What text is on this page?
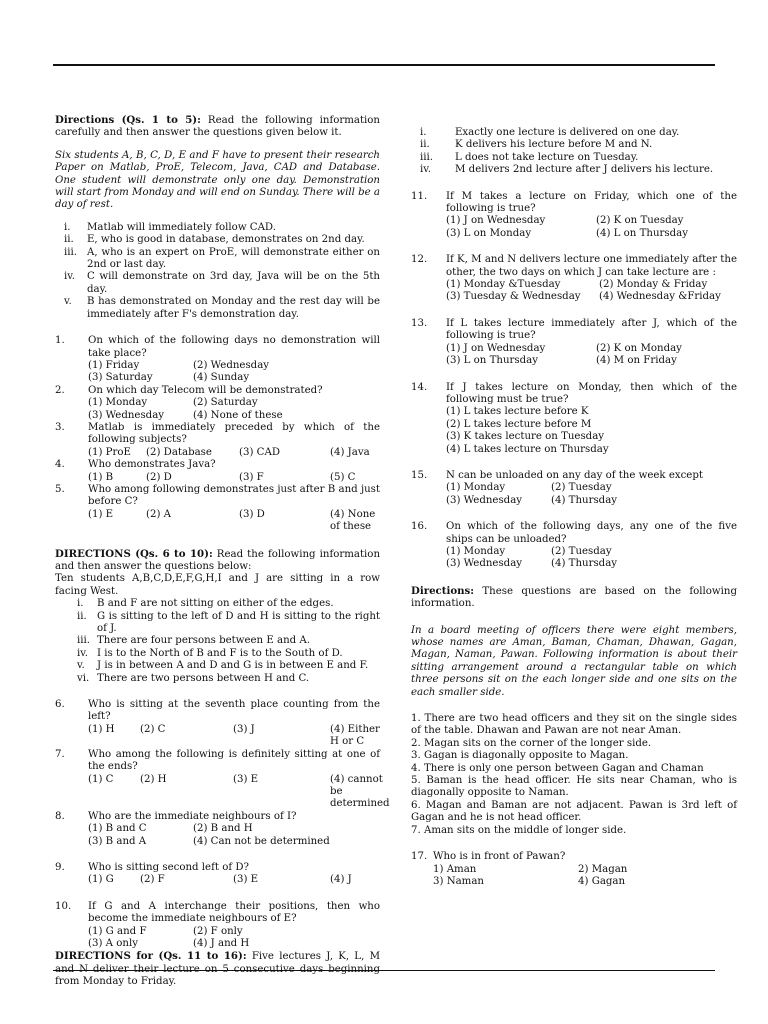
Directions (Qs. 1 to 5): Read the following information carefully and then answer the questions given below it.

Six students A, B, C, D, E and F have to present their research Paper on Matlab, ProE, Telecom, Java, CAD and Database. One student will demonstrate only one day. Demonstration will start from Monday and will end on Sunday. There will be a day of rest.

i.	Matlab will immediately follow CAD.
ii.	E, who is good in database, demonstrates on 2nd day.
iii. A, who is an expert on ProE, will demonstrate either on 2nd or last day.
iv.	C will demonstrate on 3rd day, Java will be on the 5th day.
v.	B has demonstrated on Monday and the rest day will be immediately after F's demonstration day.
1.	On which of the following days no demonstration will take place?
(1) Friday	(2) Wednesday
(3) Saturday	(4) Sunday
2.	On which day Telecom will be demonstrated?
(1) Monday	(2) Saturday
(3) Wednesday	(4) None of these
3.	Matlab is immediately preceded by which of the following subjects?
(1) ProE	(2) Database	(3) CAD	(4) Java
4.	Who demonstrates Java?
(1) B	(2) D	(3) F	(5) C
5.	Who among following demonstrates just after B and just before C?
(1) E	(2) A	(3) D	(4) None of these

DIRECTIONS (Qs. 6 to 10): Read the following information and then answer the questions below:

Ten students A,B,C,D,E,F,G,H,I and J are sitting in a row facing West.

i.	B and F are not sitting on either of the edges.
ii.	G is sitting to the left of D and H is sitting to the right of J.
iii. There are four persons between E and A.
iv. I is to the North of B and F is to the South of D.
v.	J is in between A and D and G is in between E and F.
vi. There are two persons between H and C.
6.	Who is sitting at the seventh place counting from the left?
(1) H	(2) C	(3) J	(4) Either H or C
7.	Who among the following is definitely sitting at one of the ends?
(1) C	(2) H	(3) E	(4) cannot be determined
8.	Who are the immediate neighbours of I?
(1) B and C	(2) B and H
(3) B and A	(4) Can not be determined
9.	Who is sitting second left of D?
(1) G	(2) F	(3) E	(4) J
10.	If G and A interchange their positions, then who become the immediate neighbours of E?
(1) G and F	(2) F only
(3) A only	(4) J and H

DIRECTIONS for (Qs. 11 to 16): Five lectures J, K, L, M from Monday to Friday.

i.	Exactly one lecture is delivered on one day.
ii.	K delivers his lecture before M and N.
iii.	L does not take lecture on Tuesday.
iv.	M delivers 2nd lecture after J delivers his lecture.
11.	If M takes a lecture on Friday, which one of the following is true?
(1) J on Wednesday	(2) K on Tuesday
(3) L on Monday	(4) L on Thursday
12.	If K, M and N delivers lecture one immediately after the other, the two days on which J can take lecture are :
(1) Monday &Tuesday	(2) Monday & Friday
(3) Tuesday & Wednesday	(4) Wednesday &Friday
13.	If L takes lecture immediately after J, which of the following is true?
(1) J on Wednesday	(2) K on Monday
(3) L on Thursday	(4) M on Friday
14.	If J takes lecture on Monday, then which of the following must be true?
(1) L takes lecture before K
(2) L takes lecture before M
(3) K takes lecture on Tuesday
(4) L takes lecture on Thursday
15.	N can be unloaded on any day of the week except
(1) Monday	(2) Tuesday
(3) Wednesday	(4) Thursday
16.	On which of the following days, any one of the five ships can be unloaded?
(1) Monday	(2) Tuesday
(3) Wednesday	(4) Thursday

Directions: These questions are based on the following information.

In a board meeting of officers there were eight members, whose names are Aman, Baman, Chaman, Dhawan, Gagan, Magan, Naman, Pawan. Following information is about their sitting arrangement around a rectangular table on which three persons sit on the each longer side and one sits on the each smaller side.

1. There are two head officers and they sit on the single sides of the table. Dhawan and Pawan are not near Aman.

2. Magan sits on the corner of the longer side.

3. Gagan is diagonally opposite to Magan.

4. There is only one person between Gagan and Chaman

5. Baman is the head officer. He sits near Chaman, who is diagonally opposite to Naman.

6. Magan and Baman are not adjacent. Pawan is 3rd left of Gagan and he is not head officer.

7. Aman sits on the middle of longer side.

17. Who is in front of Pawan?
1) Aman	2) Magan
3) Naman	4) Gagan
